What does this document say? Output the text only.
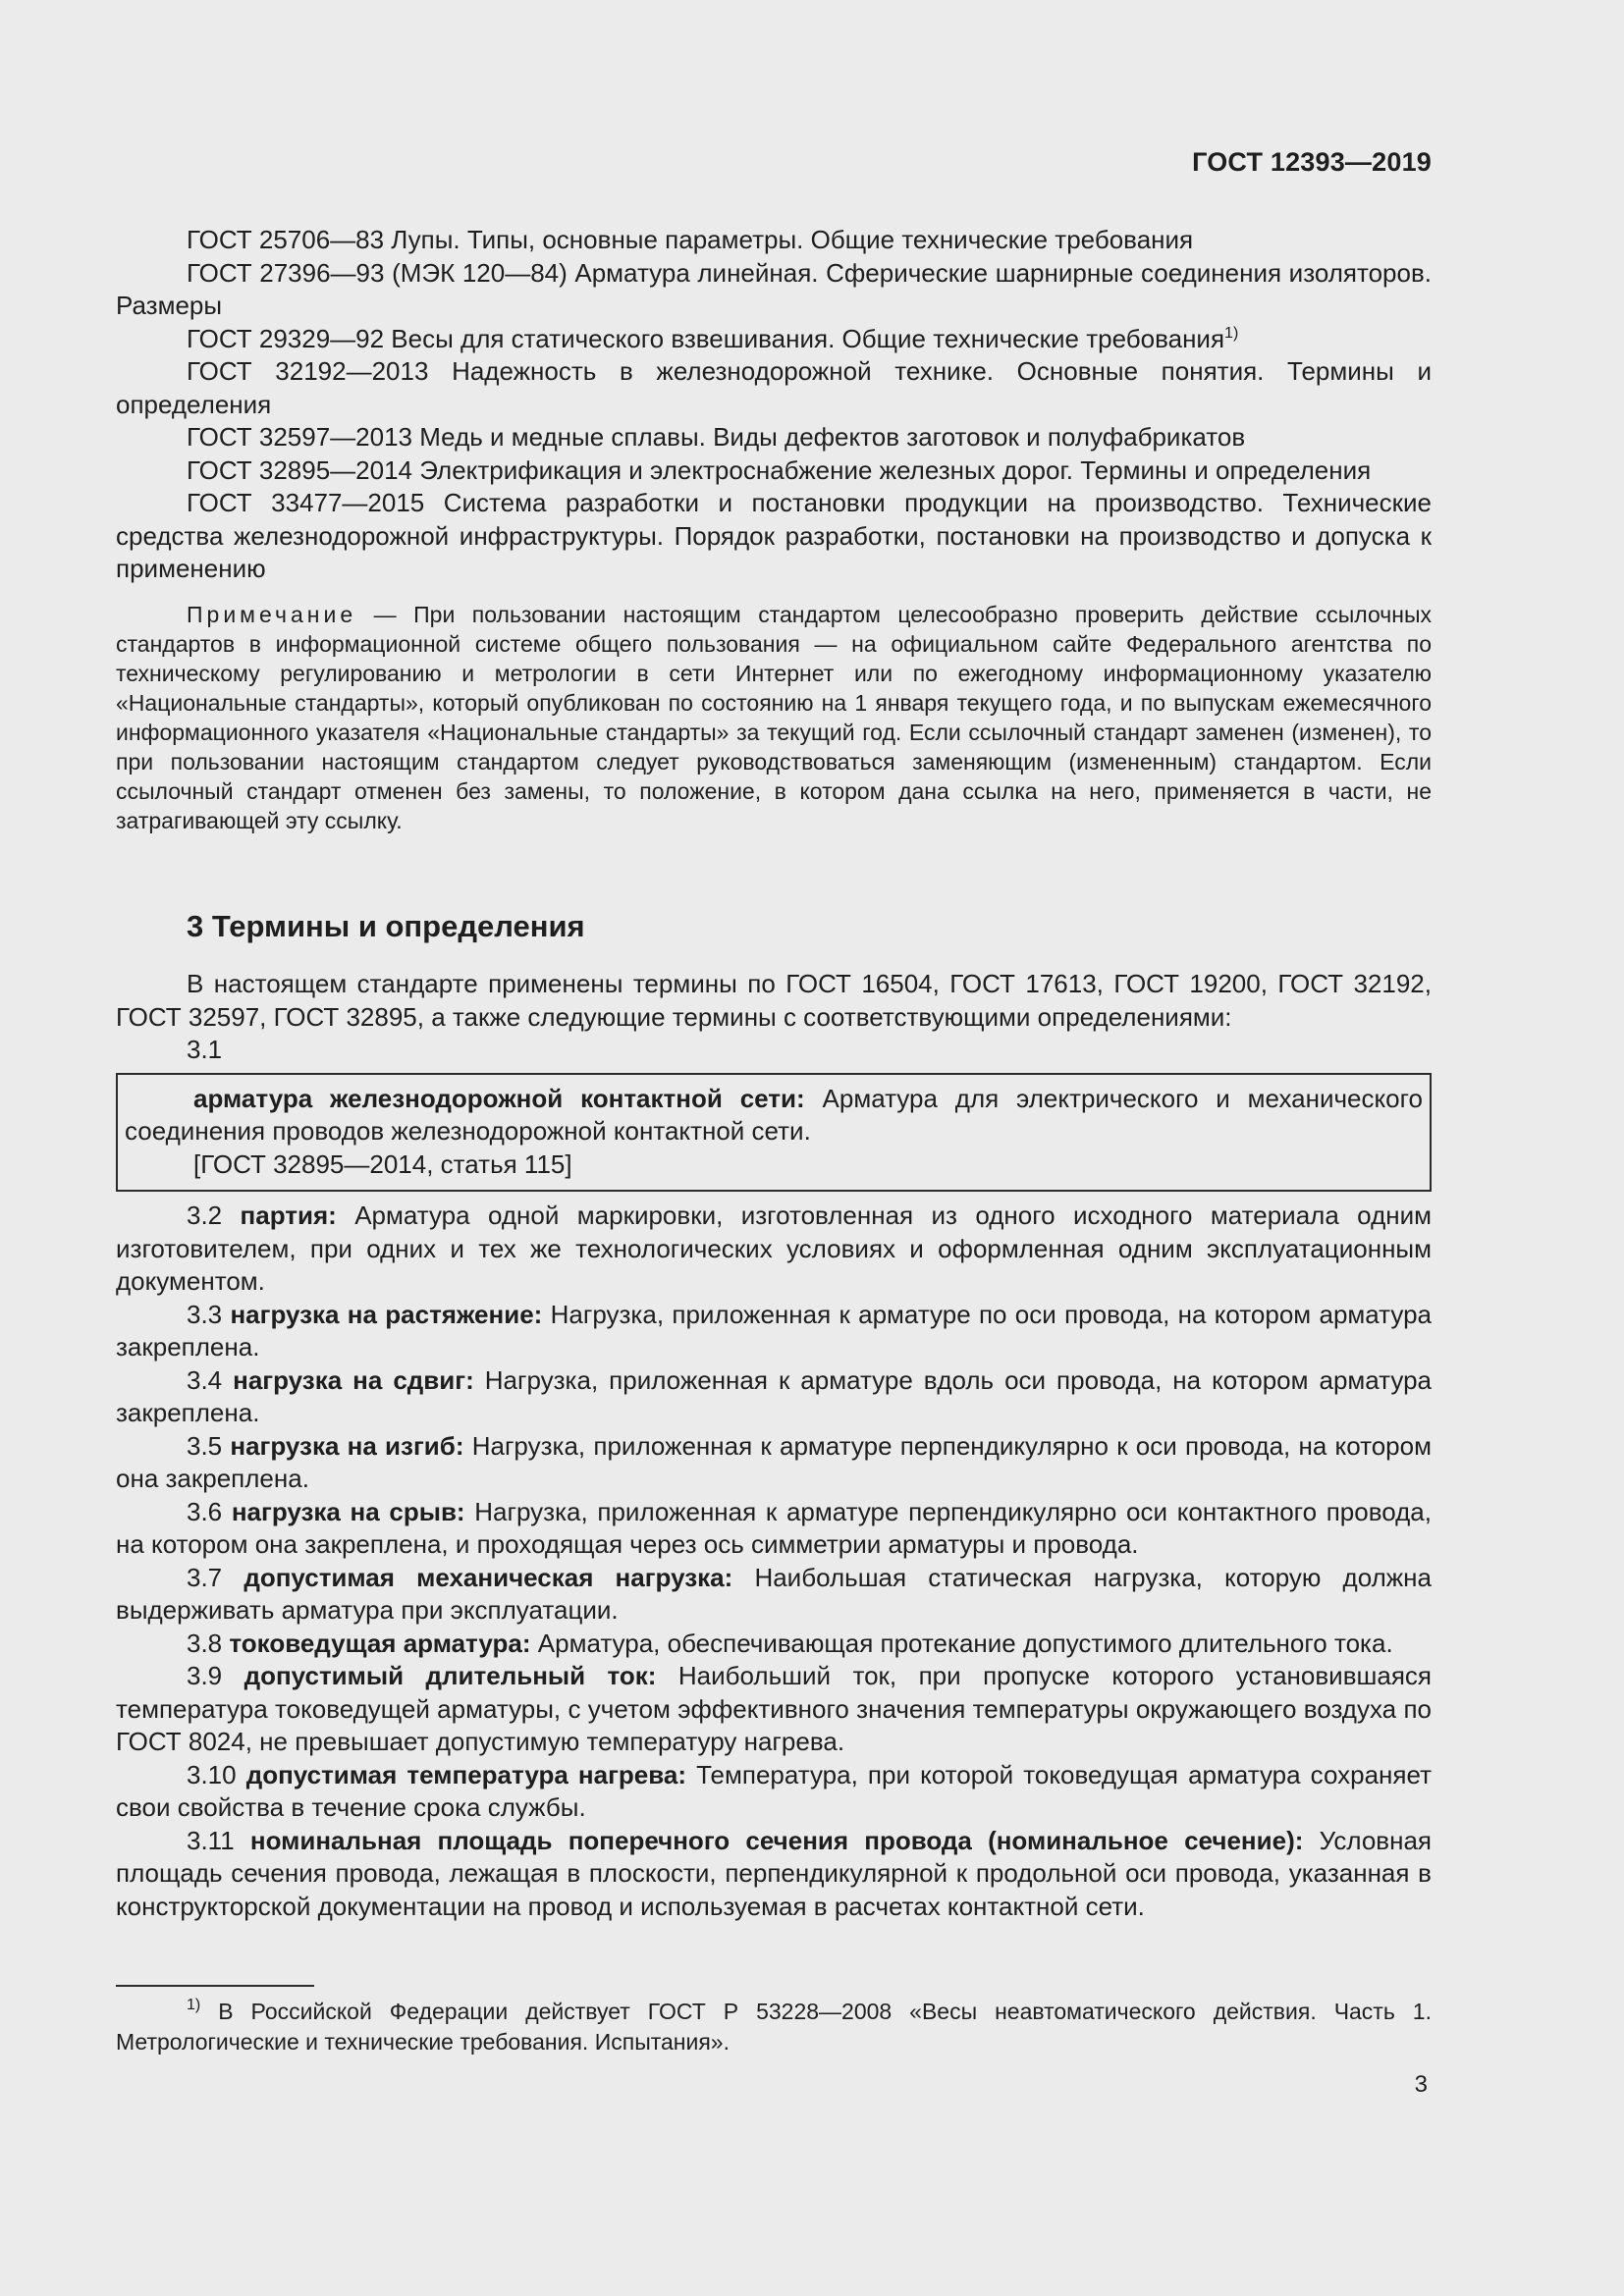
ГОСТ 12393—2019

ГОСТ 25706—83 Лупы. Типы, основные параметры. Общие технические требования

ГОСТ 27396—93 (МЭК 120—84) Арматура линейная. Сферические шарнирные соединения изоляторов. Размеры

ГОСТ 29329—92 Весы для статического взвешивания. Общие технические требования$^{1)}$

ГОСТ 32192—2013 Надежность в железнодорожной технике. Основные понятия. Термины и определения

ГОСТ 32597—2013 Медь и медные сплавы. Виды дефектов заготовок и полуфабрикатов

ГОСТ 32895—2014 Электрификация и электроснабжение железных дорог. Термины и определения

ГОСТ 33477—2015 Система разработки и постановки продукции на производство. Технические средства железнодорожной инфраструктуры. Порядок разработки, постановки на производство и допуска к применению

Примечание — При пользовании настоящим стандартом целесообразно проверить действие ссылочных стандартов в информационной системе общего пользования — на официальном сайте Федерального агентства по техническому регулированию и метрологии в сети Интернет или по ежегодному информационному указателю «Национальные стандарты», который опубликован по состоянию на 1 января текущего года, и по выпускам ежемесячного информационного указателя «Национальные стандарты» за текущий год. Если ссылочный стандарт заменен (изменен), то при пользовании настоящим стандартом следует руководствоваться заменяющим (измененным) стандартом. Если ссылочный стандарт отменен без замены, то положение, в котором дана ссылка на него, применяется в части, не затрагивающей эту ссылку.

3 Термины и определения

В настоящем стандарте применены термины по ГОСТ 16504, ГОСТ 17613, ГОСТ 19200, ГОСТ 32192, ГОСТ 32597, ГОСТ 32895, а также следующие термины с соответствующими определениями:

3.1

арматура железнодорожной контактной сети: Арматура для электрического и механического соединения проводов железнодорожной контактной сети.

[ГОСТ 32895—2014, статья 115]

3.2 партия: Арматура одной маркировки, изготовленная из одного исходного материала одним изготовителем, при одних и тех же технологических условиях и оформленная одним эксплуатационным документом.

3.3 нагрузка на растяжение: Нагрузка, приложенная к арматуре по оси провода, на котором арматура закреплена.

3.4 нагрузка на сдвиг: Нагрузка, приложенная к арматуре вдоль оси провода, на котором арматура закреплена.

3.5 нагрузка на изгиб: Нагрузка, приложенная к арматуре перпендикулярно к оси провода, на котором она закреплена.

3.6 нагрузка на срыв: Нагрузка, приложенная к арматуре перпендикулярно оси контактного провода, на котором она закреплена, и проходящая через ось симметрии арматуры и провода.

3.7 допустимая механическая нагрузка: Наибольшая статическая нагрузка, которую должна выдерживать арматура при эксплуатации.

3.8 токоведущая арматура: Арматура, обеспечивающая протекание допустимого длительного тока.

3.9 допустимый длительный ток: Наибольший ток, при пропуске которого установившаяся температура токоведущей арматуры, с учетом эффективного значения температуры окружающего воздуха по ГОСТ 8024, не превышает допустимую температуру нагрева.

3.10 допустимая температура нагрева: Температура, при которой токоведущая арматура сохраняет свои свойства в течение срока службы.

3.11 номинальная площадь поперечного сечения провода (номинальное сечение): Условная площадь сечения провода, лежащая в плоскости, перпендикулярной к продольной оси провода, указанная в конструкторской документации на провод и используемая в расчетах контактной сети.

$^{1)}$ В Российской Федерации действует ГОСТ Р 53228—2008 «Весы неавтоматического действия. Часть 1. Метрологические и технические требования. Испытания».

3
